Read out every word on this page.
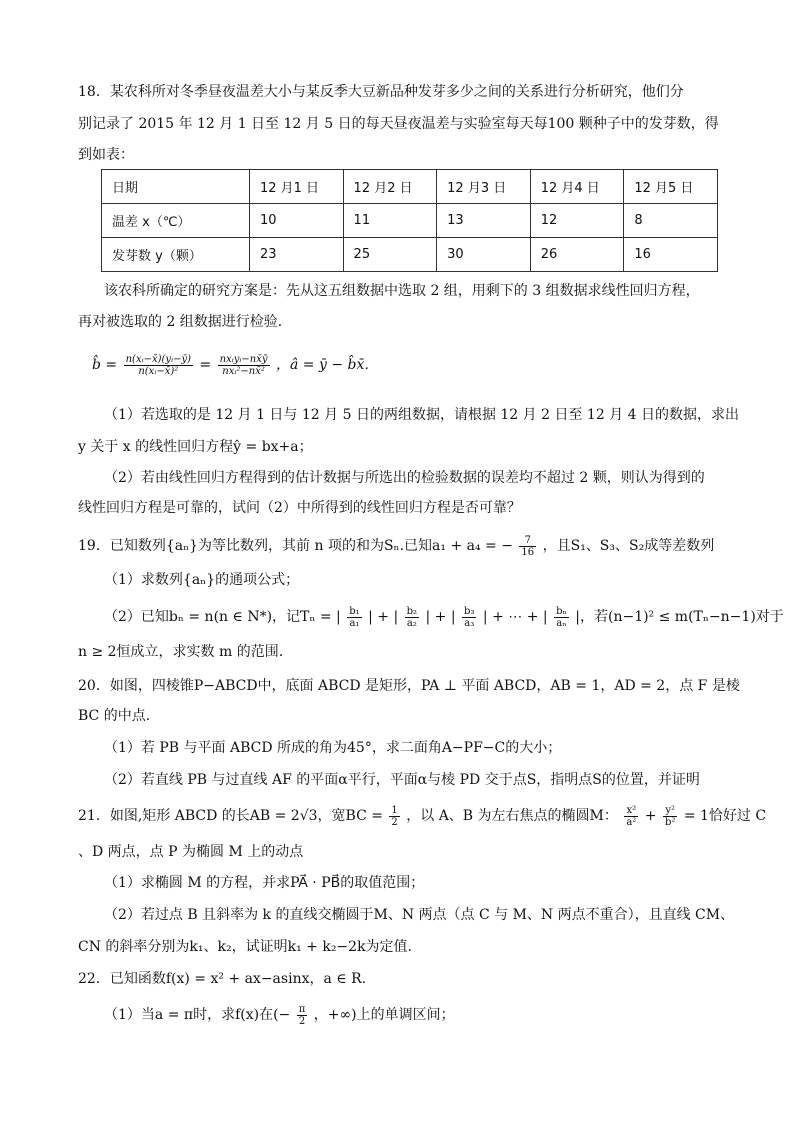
18．某农科所对冬季昼夜温差大小与某反季大豆新品种发芽多少之间的关系进行分析研究，他们分
别记录了 2015 年 12 月 1 日至 12 月 5 日的每天昼夜温差与实验室每天每100 颗种子中的发芽数，得
到如表：
日期	12 月1 日	12 月2 日	12 月3 日	12 月4 日	12 月5 日
温差 x（℃）	10	11	13	12	8
发芽数 y（颗）	23	25	30	26	16
该农科所确定的研究方案是：先从这五组数据中选取 2 组，用剩下的 3 组数据求线性回归方程，
再对被选取的 2 组数据进行检验．
b̂ = $\frac{\text{n(xᵢ−x̄)(yᵢ−ȳ)}}{\text{n(xᵢ−x̄)²}} = \frac{\text{nxᵢyᵢ−nx̄ȳ}}{\text{nxᵢ²−nx̄²}}$ ，â = ȳ − b̂x̄．
（1）若选取的是 12 月 1 日与 12 月 5 日的两组数据，请根据 12 月 2 日至 12 月 4 日的数据，求出
y 关于 x 的线性回归方程ŷ = bx+a；
（2）若由线性回归方程得到的估计数据与所选出的检验数据的误差均不超过 2 颗，则认为得到的
线性回归方程是可靠的，试问（2）中所得到的线性回归方程是否可靠？
19．已知数列{aₙ}为等比数列，其前 n 项的和为Sₙ.已知a₁ + a₄ = − $\frac{7}{16}$ ，且S₁、S₃、S₂成等差数列
（1）求数列{aₙ}的通项公式；
（2）已知bₙ = n(n ∈ N*)，记Tₙ = | $\frac{\text{b₁}}{\text{a₁}}$ | + | $\frac{\text{b₂}}{\text{a₂}}$ | + | $\frac{\text{b₃}}{\text{a₃}}$ | + ⋯ + | $\frac{\text{bₙ}}{\text{aₙ}}$ |，若(n−1)² ≤ m(Tₙ−n−1)对于
n ≥ 2恒成立，求实数 m 的范围.
20．如图，四棱锥P−ABCD中，底面 ABCD 是矩形，PA ⊥ 平面 ABCD，AB = 1，AD = 2，点 F 是棱
BC 的中点.
（1）若 PB 与平面 ABCD 所成的角为45°，求二面角A−PF−C的大小；
（2）若直线 PB 与过直线 AF 的平面α平行，平面α与棱 PD 交于点S，指明点S的位置，并证明
21．如图,矩形 ABCD 的长AB = 2√3，宽BC = $\frac{1}{2}$ ，以 A、B 为左右焦点的椭圆M： $\frac{\text{x²}}{\text{a²}} + \frac{\text{y²}}{\text{b²}} = 1$恰好过 C
、D 两点，点 P 为椭圆 M 上的动点
（1）求椭圆 M 的方程，并求PA⃗ · PB⃗的取值范围；
（2）若过点 B 且斜率为 k 的直线交椭圆于M、N 两点（点 C 与 M、N 两点不重合），且直线 CM、
CN 的斜率分别为k₁、k₂，试证明k₁ + k₂−2k为定值.
22．已知函数f(x) = x² + ax−asinx，a ∈ R.
（1）当a = π时，求f(x)在(− $\frac{\pi}{2}$ ，+∞)上的单调区间；
